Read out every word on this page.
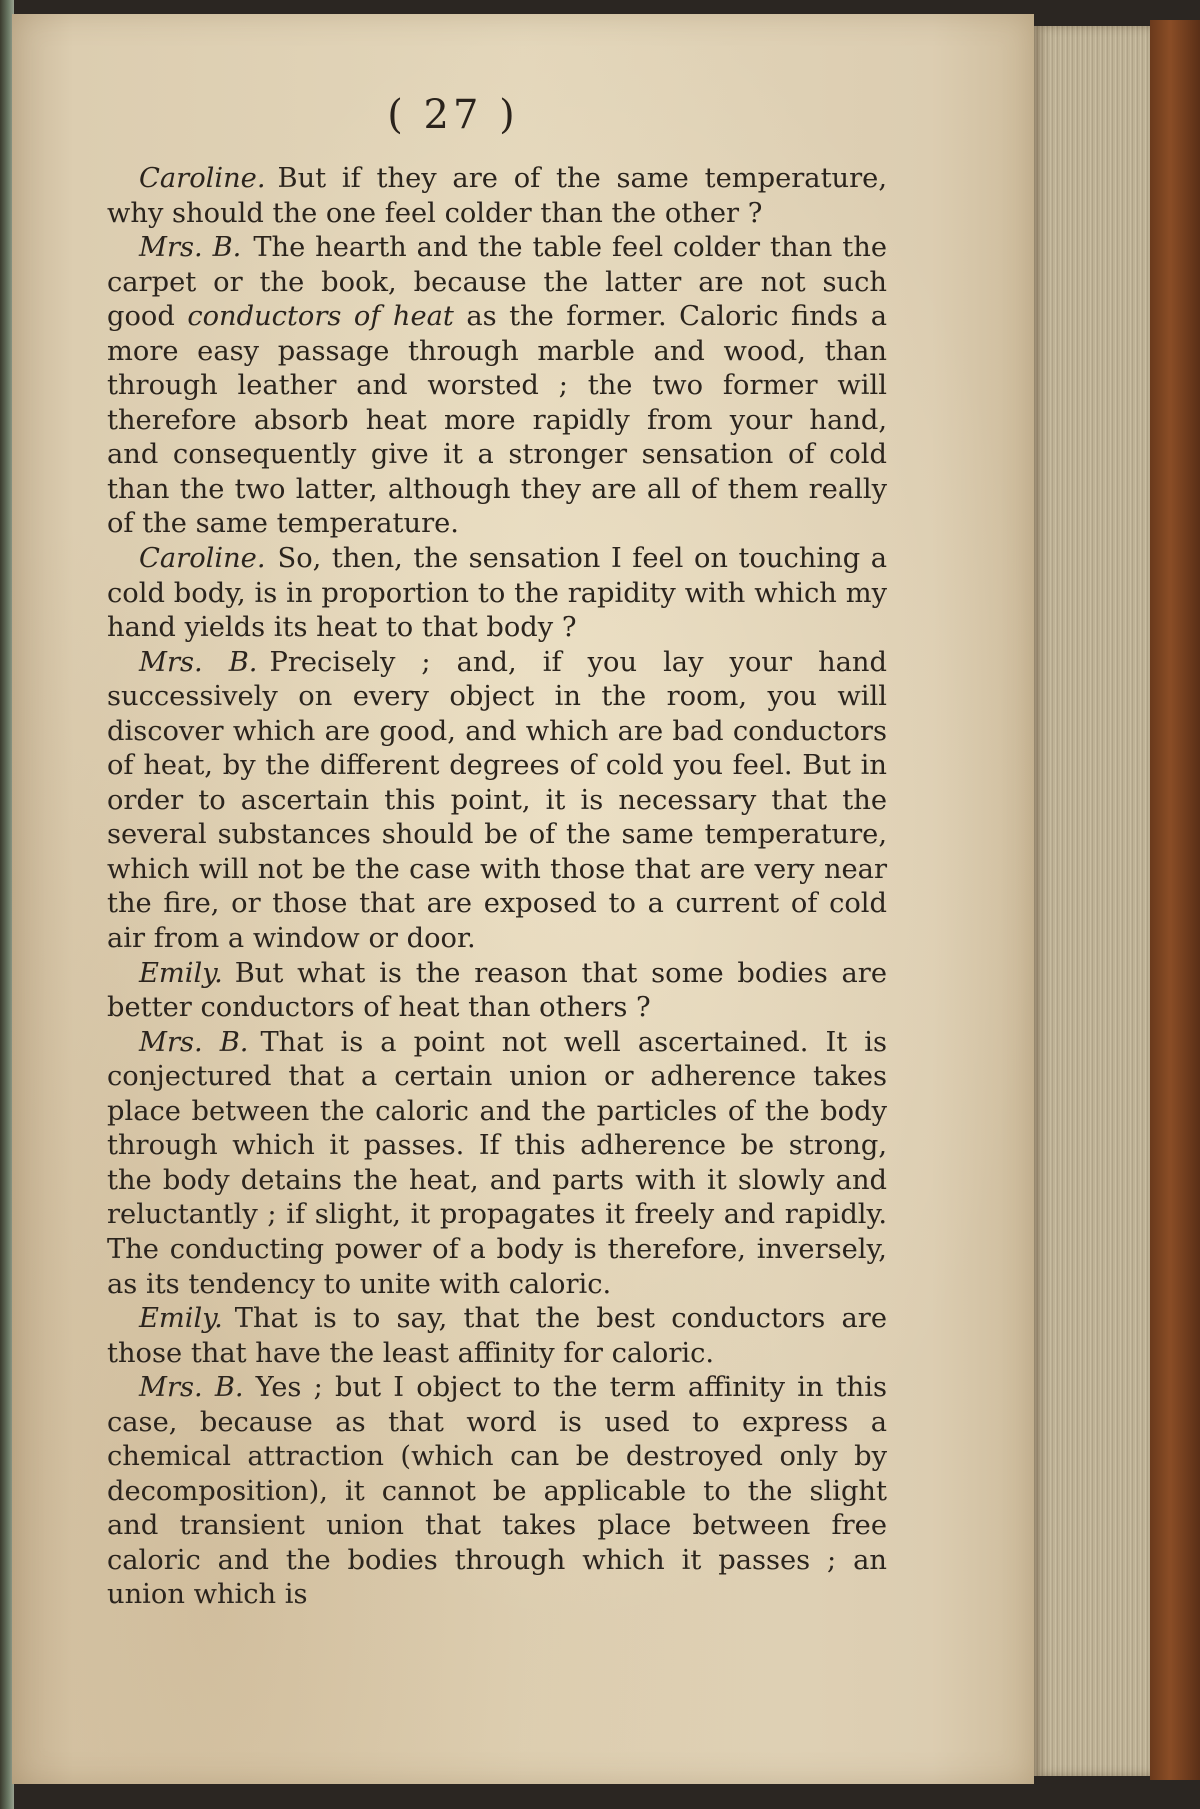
( 27 )

Caroline. But if they are of the same temperature, why should the one feel colder than the other ?

Mrs. B. The hearth and the table feel colder than the carpet or the book, because the latter are not such good conductors of heat as the former. Caloric finds a more easy passage through marble and wood, than through leather and worsted ; the two former will therefore absorb heat more rapidly from your hand, and consequently give it a stronger sensation of cold than the two latter, although they are all of them really of the same temperature.

Caroline. So, then, the sensation I feel on touching a cold body, is in proportion to the rapidity with which my hand yields its heat to that body ?

Mrs. B. Precisely ; and, if you lay your hand successively on every object in the room, you will discover which are good, and which are bad conductors of heat, by the different degrees of cold you feel. But in order to ascertain this point, it is necessary that the several substances should be of the same temperature, which will not be the case with those that are very near the fire, or those that are exposed to a current of cold air from a window or door.

Emily. But what is the reason that some bodies are better conductors of heat than others ?

Mrs. B. That is a point not well ascertained. It is conjectured that a certain union or adherence takes place between the caloric and the particles of the body through which it passes. If this adherence be strong, the body detains the heat, and parts with it slowly and reluctantly ; if slight, it propagates it freely and rapidly. The conducting power of a body is therefore, inversely, as its tendency to unite with caloric.

Emily. That is to say, that the best conductors are those that have the least affinity for caloric.

Mrs. B. Yes ; but I object to the term affinity in this case, because as that word is used to express a chemical attraction (which can be destroyed only by decomposition), it cannot be applicable to the slight and transient union that takes place between free caloric and the bodies through which it passes ; an union which is
